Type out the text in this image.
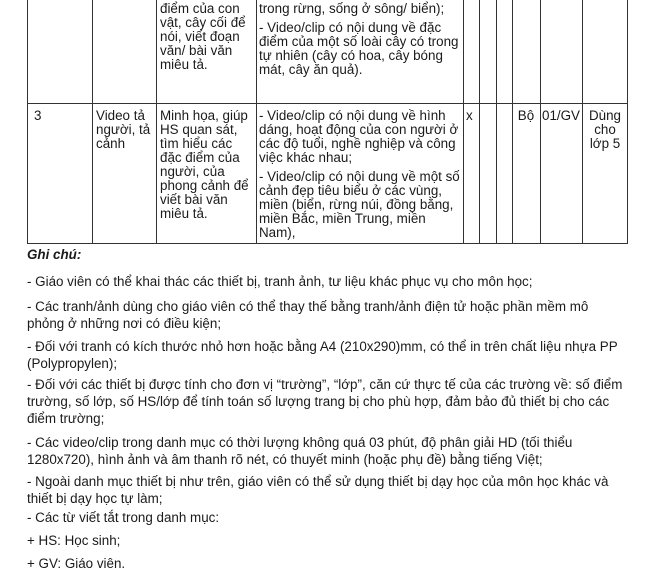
điểm của con vật, cây cối để nói, viết đoạn văn/ bài văn miêu tả.

trong rừng, sống ở sông/ biển);

- Video/clip có nội dung về đặc điểm của một số loài cây có trong tự nhiên (cây có hoa, cây bóng mát, cây ăn quả).

3	Video tả người, tả cảnh
Minh họa, giúp HS quan sát, tìm hiểu các đặc điểm của người, của phong cảnh để viết bài văn miêu tả.

- Video/clip có nội dung về hình dáng, hoạt động của con người ở các độ tuổi, nghề nghiệp và công việc khác nhau;

- Video/clip có nội dung về một số cảnh đẹp tiêu biểu ở các vùng, miền (biển, rừng núi, đồng bằng, miền Bắc, miền Trung, miền Nam),

x	Bộ 01/GV Dùng cho lớp 5
Ghi chú:
- Giáo viên có thể khai thác các thiết bị, tranh ảnh, tư liệu khác phục vụ cho môn học;
- Các tranh/ảnh dùng cho giáo viên có thể thay thế bằng tranh/ảnh điện tử hoặc phần mềm mô phỏng ở những nơi có điều kiện;
- Đối với tranh có kích thước nhỏ hơn hoặc bằng A4 (210x290)mm, có thể in trên chất liệu nhựa PP (Polypropylen);
- Đối với các thiết bị được tính cho đơn vị “trường”, “lớp”, căn cứ thực tế của các trường về: số điểm trường, số lớp, số HS/lớp để tính toán số lượng trang bị cho phù hợp, đảm bảo đủ thiết bị cho các điểm trường;
- Các video/clip trong danh mục có thời lượng không quá 03 phút, độ phân giải HD (tối thiểu 1280x720), hình ảnh và âm thanh rõ nét, có thuyết minh (hoặc phụ đề) bằng tiếng Việt;
- Ngoài danh mục thiết bị như trên, giáo viên có thể sử dụng thiết bị dạy học của môn học khác và thiết bị dạy học tự làm;
- Các từ viết tắt trong danh mục:
+ HS: Học sinh;
+ GV: Giáo viên.
